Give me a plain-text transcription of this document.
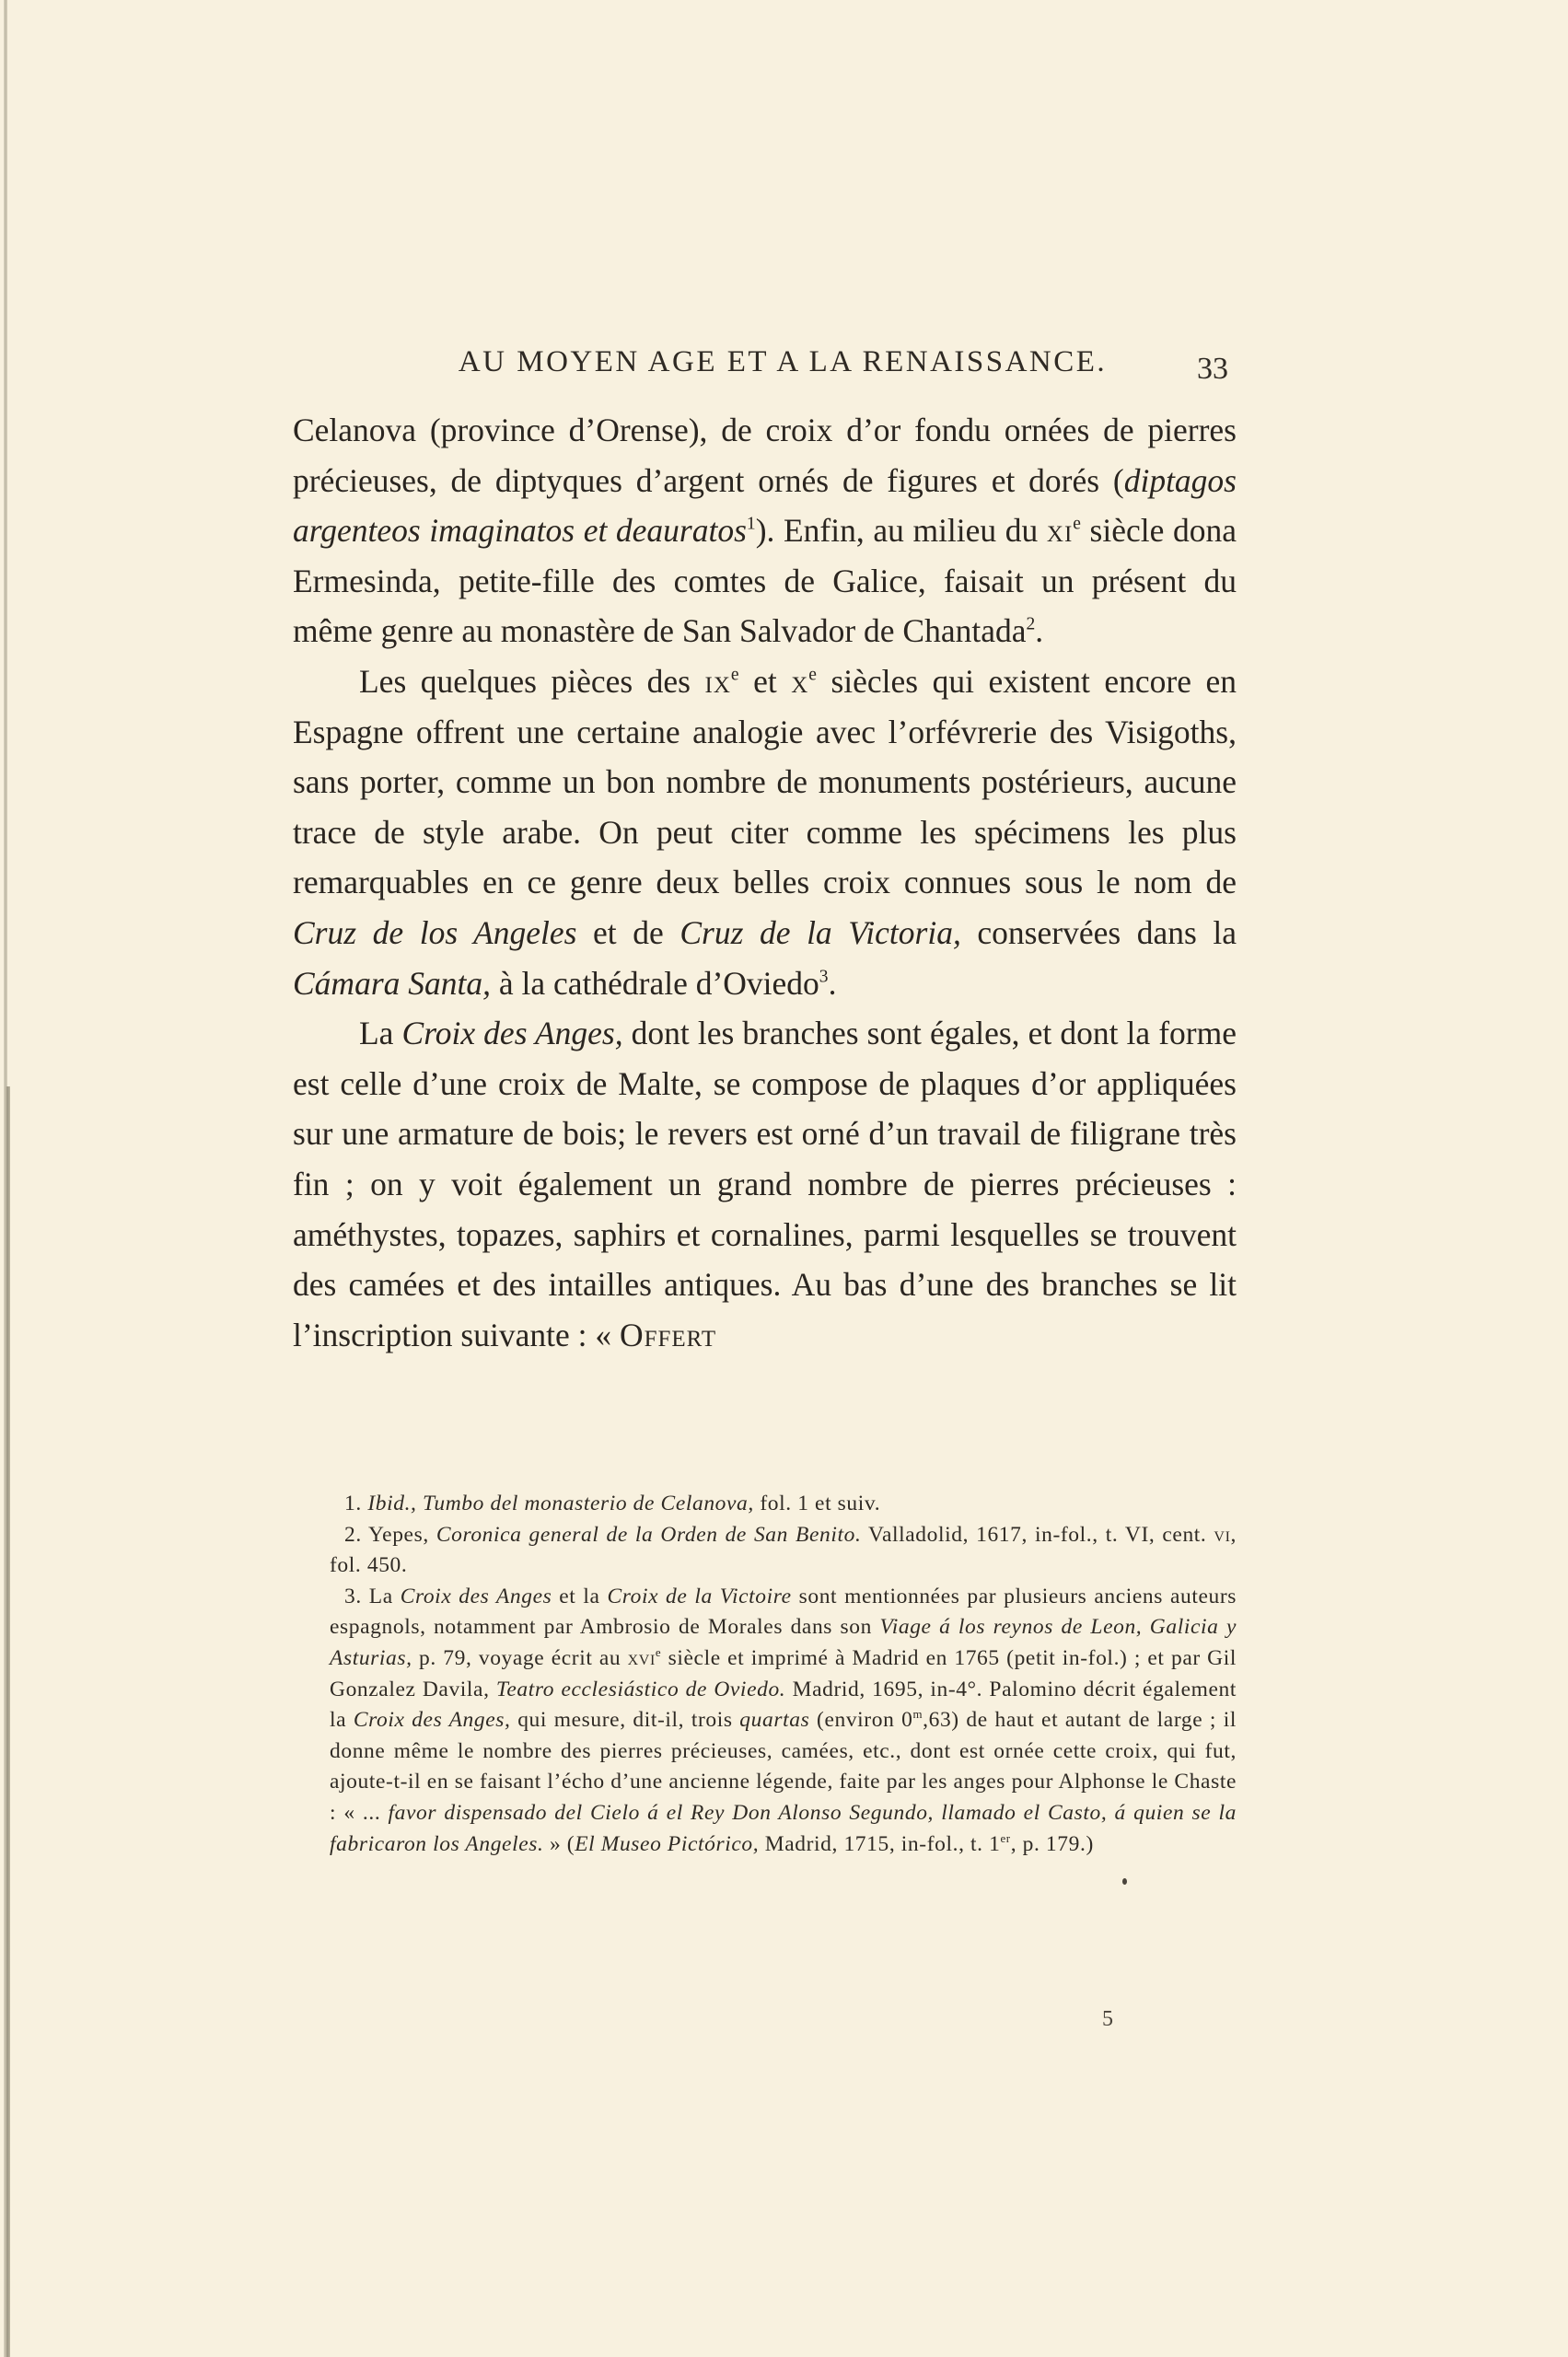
AU MOYEN AGE ET A LA RENAISSANCE.	33

Celanova (province d’Orense), de croix d’or fondu ornées de pierres précieuses, de diptyques d’argent ornés de figures et dorés (diptagos argenteos imaginatos et deauratos$^1$). Enfin, au milieu du $xi^e$ siècle dona Ermesinda, petite-fille des comtes de Galice, faisait un présent du même genre au monastère de San Salvador de Chantada$^2$.

Les quelques pièces des $ix^e$ et $x^e$ siècles qui existent encore en Espagne offrent une certaine analogie avec l’orfévrerie des Visigoths, sans porter, comme un bon nombre de monuments postérieurs, aucune trace de style arabe. On peut citer comme les spécimens les plus remarquables en ce genre deux belles croix connues sous le nom de Cruz de los Angeles et de Cruz de la Victoria, conservées dans la Cámara Santa, à la cathédrale d’Oviedo$^3$.

La Croix des Anges, dont les branches sont égales, et dont la forme est celle d’une croix de Malte, se compose de plaques d’or appliquées sur une armature de bois; le revers est orné d’un travail de filigrane très fin ; on y voit également un grand nombre de pierres précieuses : améthystes, topazes, saphirs et cornalines, parmi lesquelles se trouvent des camées et des intailles antiques. Au bas d’une des branches se lit l’inscription suivante : « Offert

1. Ibid., Tumbo del monasterio de Celanova, fol. 1 et suiv.

2. Yepes, Coronica general de la Orden de San Benito. Valladolid, 1617, in-fol., t. VI, cent. vi, fol. 450.

3. La Croix des Anges et la Croix de la Victoire sont mentionnées par plusieurs anciens auteurs espagnols, notamment par Ambrosio de Morales dans son Viage á los reynos de Leon, Galicia y Asturias, p. 79, voyage écrit au xvi$^e$ siècle et imprimé à Madrid en 1765 (petit in-fol.) ; et par Gil Gonzalez Davila, Teatro ecclesiástico de Oviedo. Madrid, 1695, in-4°. Palomino décrit également la Croix des Anges, qui mesure, dit-il, trois quartas (environ 0$^m$,63) de haut et autant de large ; il donne même le nombre des pierres précieuses, camées, etc., dont est ornée cette croix, qui fut, ajoute-t-il en se faisant l’écho d’une ancienne légende, faite par les anges pour Alphonse le Chaste : « ... favor dispensado del Cielo á el Rey Don Alonso Segundo, llamado el Casto, á quien se la fabricaron los Angeles. » (El Museo Pictórico, Madrid, 1715, in-fol., t. 1er, p. 179.)

5
